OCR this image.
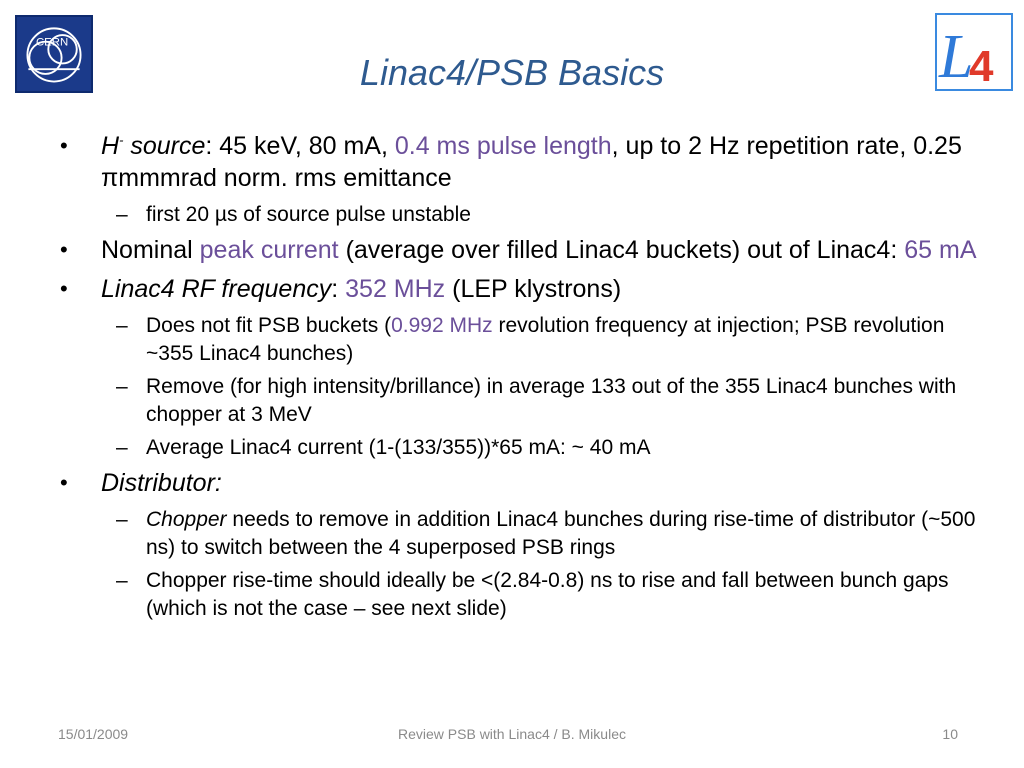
CERN
Linac4/PSB Basics	L
4
• H- source: 45 keV, 80 mA, 0.4 ms pulse length, up to 2 Hz repetition rate, 0.25 πmmmrad norm. rms emittance
– first 20 µs of source pulse unstable
• Nominal peak current (average over filled Linac4 buckets) out of Linac4: 65 mA
• Linac4 RF frequency: 352 MHz (LEP klystrons)
– Does not fit PSB buckets (0.992 MHz revolution frequency at injection; PSB revolution ~355 Linac4 bunches)
– Remove (for high intensity/brillance) in average 133 out of the 355 Linac4 bunches with chopper at 3 MeV
– Average Linac4 current (1-(133/355))*65 mA: ~ 40 mA
• Distributor:
– Chopper needs to remove in addition Linac4 bunches during rise-time of distributor (~500 ns) to switch between the 4 superposed PSB rings
– Chopper rise-time should ideally be <(2.84-0.8) ns to rise and fall between bunch gaps (which is not the case – see next slide)
15/01/2009	Review PSB with Linac4 / B. Mikulec	10
